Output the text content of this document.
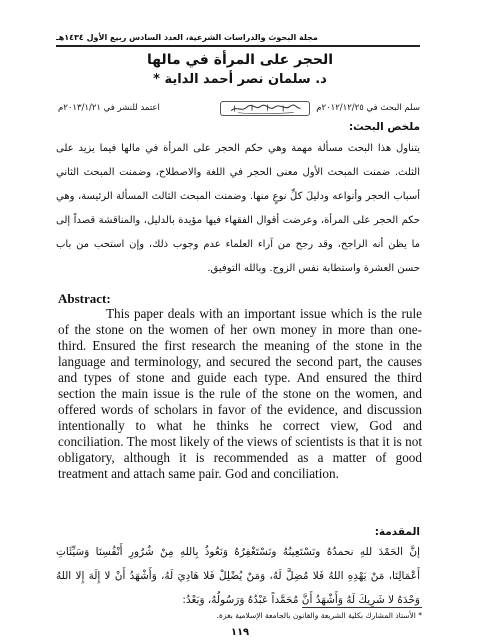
مجلة البحوث والدراسات الشرعية، العدد السادس ربيع الأول ١٤٣٤هـ
الحجر على المرأة في مالها
د. سلمان نصر أحمد الداية *
سلم البحث في ٢٠١٢/١٢/٢٥م
اعتمد للنشر في ٢٠١٣/١/٢١م
ملخص البحث:

يتناول هذا البحث مسألة مهمة وهي حكم الحجر على المرأة في مالها فيما يزيد على الثلث. ضمنت المبحث الأول معنى الحجر في اللغة والاصطلاح، وضمنت المبحث الثاني أسباب الحجر وأنواعه ودليلَ كلِّ نوعٍ منها. وضمنت المبحث الثالث المسألة الرئيسة، وهي حكم الحجر على المرأة، وعرضت أقوال الفقهاء فيها مؤيدة بالدليل، والمناقشة قصداً إلى ما يظن أنه الراجح، وقد رجح من آراء العلماء عدم وجوب ذلك، وإن استحب من باب حسن العشرة واستطابة نفس الزوج. وبالله التوفيق.

Abstract:

This paper deals with an important issue which is the rule of the stone on the women of her own money in more than one-third. Ensured the first research the meaning of the stone in the language and terminology, and secured the second part, the causes and types of stone and guide each type. And ensured the third section the main issue is the rule of the stone on the women, and offered words of scholars in favor of the evidence, and discussion intentionally to what he thinks he correct view, God and conciliation. The most likely of the views of scientists is that it is not obligatory, although it is recommended as a matter of good treatment and attach same pair. God and conciliation.

المقدمة:

إنَّ الحَمْدَ للهِ نحمدُهُ ونَسْتَعِينُهُ ونَسْتَغْفِرُهُ وَنَعُوذُ بِاللهِ مِنْ شُرُورِ أَنْفُسِنَا وَسَيِّئَاتِ أَعْمَالِنَا، مَنْ يَهْدِهِ اللهُ فَلا مُضِلَّ لَهُ، وَمَنْ يُضْلِلْ فَلا هَادِيَ لَهُ، وَأَشْهَدُ أَنْ لا إِلَهَ إِلا اللهُ وَحْدَهُ لا شَرِيكَ لَهُ وَأَشْهَدُ أَنَّ مُحَمَّداً عَبْدُهُ وَرَسُولُهُ، وَبَعْدُ:

* الأستاذ المشارك بكلية الشريعة والقانون بالجامعة الإسلامية بغزة.
١١٩
